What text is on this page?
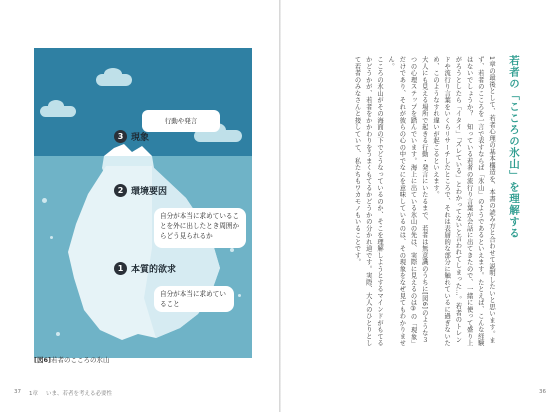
行動や発言
3 現象
2 環境要因
1 本質的欲求
自分が本当に求めていることを外に出したとき周囲からどう見られるか
自分が本当に求めていること
[図6]若者のこころの氷山
37 1章 いま、若者を考える必要性
若者の「こころの氷山」を理解する

1章の最後として、若者心理の基本構造を、本書の読み方と合わせて説明したいと思います。まず、若者のこころを一言で表すならば「氷山」のようであるといえます。たとえば、こんな経験はないでしょうか？　知っている若者の流行り言葉が会話に出てきたので、一緒に使って盛り上がろうとしたら「イタイ」「ズレている」とわかってないと言われてしまった…。若者のトレンドや流行り言葉をいくらリサーチしたところで、それは表層的な部分に触れているに過ぎないため、このようなすれ違いが起こるといえます。

大人にも見える場所で起きる行動・発言にいたるまで、若者は無意識のうちに[図6]のような３つの心理ステップを踏んでいます。海上に出ている氷山の先は、実際に見えるのは③の「現象」だけであり、それが彼らの心の中でなにを意味しているのは、その現象をなぜ見てもわかりません。

こころの氷山がその海面の下でどうなっているのか、そこを理解しようとするマインドがもてるかどうかが、若者をかかわりをうまくもてるかどうかの分かれ道です。実際、大人のひとりとして若者のみなさんと接していて、私たちもワカモノもいることです。

36
